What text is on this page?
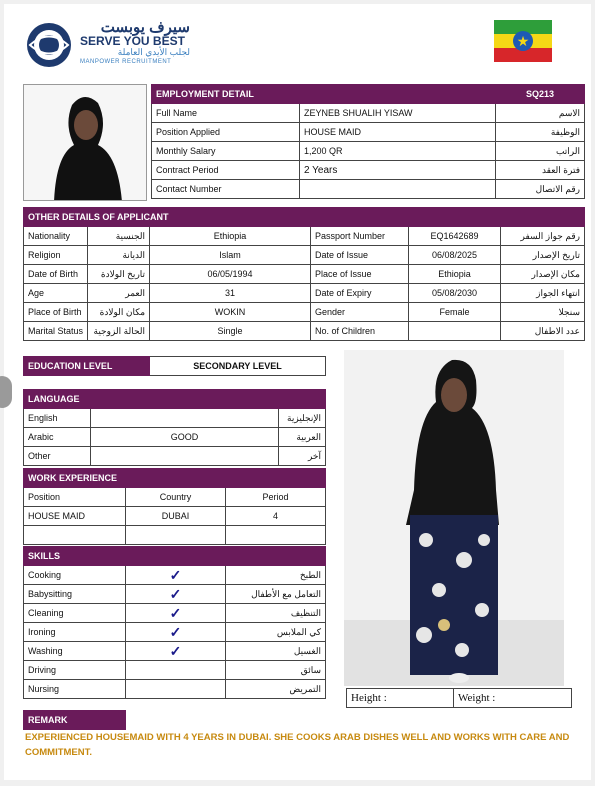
سيرف يوبست
SERVE YOU BEST
لجلب الأيدي العاملة
MANPOWER RECRUITMENT
★
EMPLOYMENT DETAIL		SQ213
Full Name	ZEYNEB SHUALIH YISAW	الاسم
Position Applied	HOUSE MAID	الوظيفة
Monthly Salary	1,200 QR	الراتب
Contract Period	2 Years	فترة العقد
Contact Number		رقم الاتصال
OTHER DETAILS OF APPLICANT					
Nationality	الجنسية	Ethiopia	Passport Number	EQ1642689	رقم جواز السفر
Religion	الديانة	Islam	Date of Issue	06/08/2025	تاريخ الإصدار
Date of Birth	تاريخ الولادة	06/05/1994	Place of Issue	Ethiopia	مكان الإصدار
Age	العمر	31	Date of Expiry	05/08/2030	انتهاء الجواز
Place of Birth	مكان الولادة	WOKIN	Gender	Female	سنجلا
Marital Status	الحالة الزوجية	Single	No. of Children		عدد الاطفال
EDUCATION LEVEL	SECONDARY LEVEL
LANGUAGE		
English		الإنجليزية
Arabic	GOOD	العربية
Other		آخر
WORK EXPERIENCE		
Position	Country	Period
HOUSE MAID	DUBAI	4

SKILLS		
Cooking	✓	الطبخ
Babysitting	✓	التعامل مع الأطفال
Cleaning	✓	التنظيف
Ironing	✓	كي الملابس
Washing	✓	الغسيل
Driving		سائق
Nursing		التمريض
Height :	Weight :
REMARK	
EXPERIENCED HOUSEMAID WITH 4 YEARS IN DUBAI. SHE COOKS ARAB DISHES WELL AND WORKS WITH CARE AND COMMITMENT.
